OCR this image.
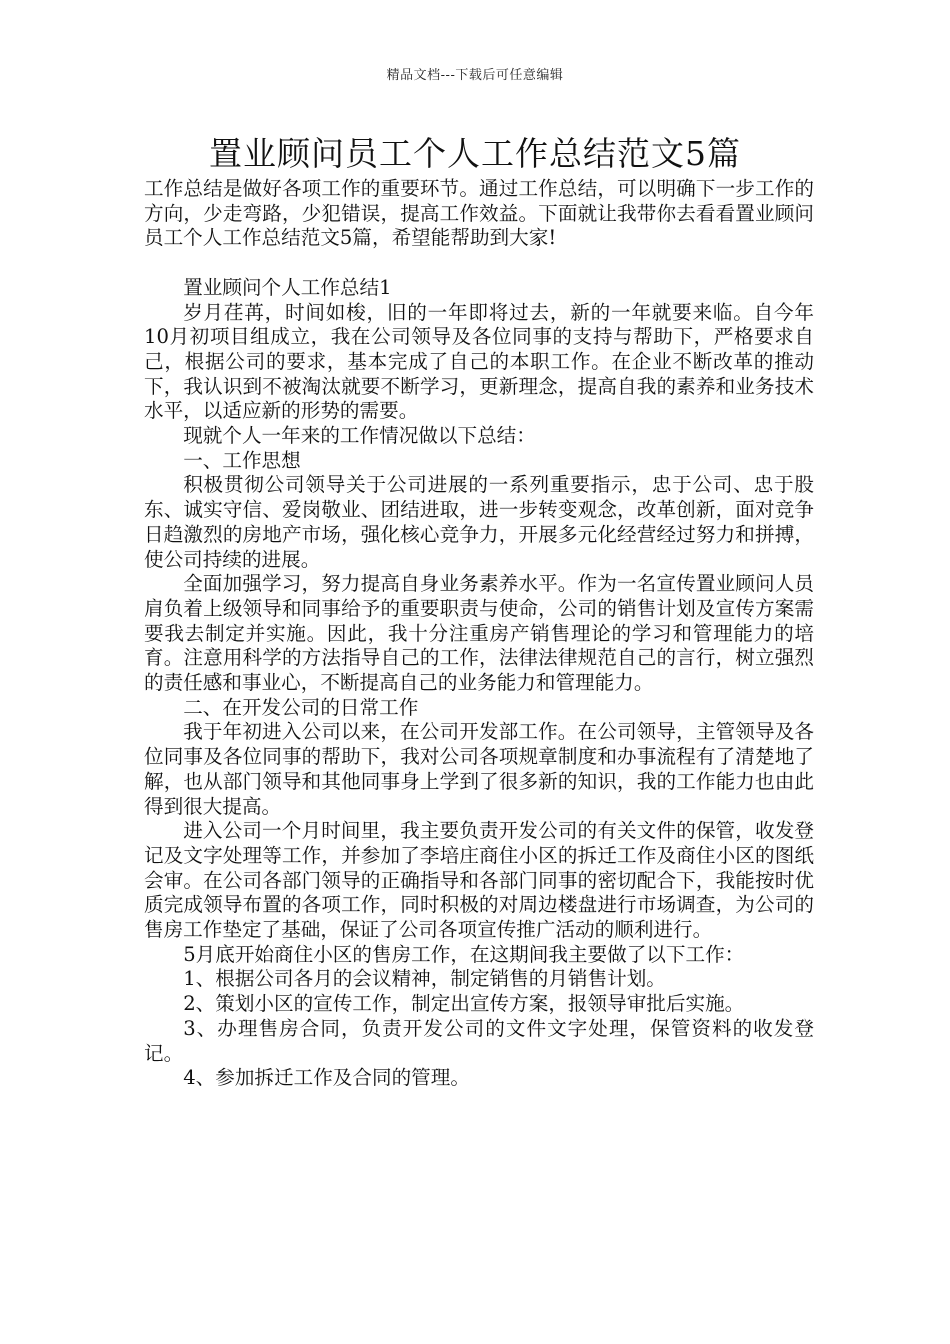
精品文档---下载后可任意编辑
置业顾问员工个人工作总结范文5篇

工作总结是做好各项工作的重要环节。通过工作总结，可以明确下一步工作的方向，少走弯路，少犯错误，提高工作效益。下面就让我带你去看看置业顾问员工个人工作总结范文5篇，希望能帮助到大家!

置业顾问个人工作总结1

岁月荏苒，时间如梭，旧的一年即将过去，新的一年就要来临。自今年10月初项目组成立，我在公司领导及各位同事的支持与帮助下，严格要求自己，根据公司的要求，基本完成了自己的本职工作。在企业不断改革的推动下，我认识到不被淘汰就要不断学习，更新理念，提高自我的素养和业务技术水平，以适应新的形势的需要。

现就个人一年来的工作情况做以下总结：

一、工作思想

积极贯彻公司领导关于公司进展的一系列重要指示，忠于公司、忠于股东、诚实守信、爱岗敬业、团结进取，进一步转变观念，改革创新，面对竞争日趋激烈的房地产市场，强化核心竞争力，开展多元化经营经过努力和拼搏，使公司持续的进展。

全面加强学习，努力提高自身业务素养水平。作为一名宣传置业顾问人员肩负着上级领导和同事给予的重要职责与使命，公司的销售计划及宣传方案需要我去制定并实施。因此，我十分注重房产销售理论的学习和管理能力的培育。注意用科学的方法指导自己的工作，法律法律规范自己的言行，树立强烈的责任感和事业心，不断提高自己的业务能力和管理能力。

二、在开发公司的日常工作

我于年初进入公司以来，在公司开发部工作。在公司领导，主管领导及各位同事及各位同事的帮助下，我对公司各项规章制度和办事流程有了清楚地了解，也从部门领导和其他同事身上学到了很多新的知识，我的工作能力也由此得到很大提高。

进入公司一个月时间里，我主要负责开发公司的有关文件的保管，收发登记及文字处理等工作，并参加了李培庄商住小区的拆迁工作及商住小区的图纸会审。在公司各部门领导的正确指导和各部门同事的密切配合下，我能按时优质完成领导布置的各项工作，同时积极的对周边楼盘进行市场调查，为公司的售房工作垫定了基础，保证了公司各项宣传推广活动的顺利进行。

5月底开始商住小区的售房工作，在这期间我主要做了以下工作：

1、根据公司各月的会议精神，制定销售的月销售计划。

2、策划小区的宣传工作，制定出宣传方案，报领导审批后实施。

3、办理售房合同，负责开发公司的文件文字处理，保管资料的收发登记。

4、参加拆迁工作及合同的管理。
